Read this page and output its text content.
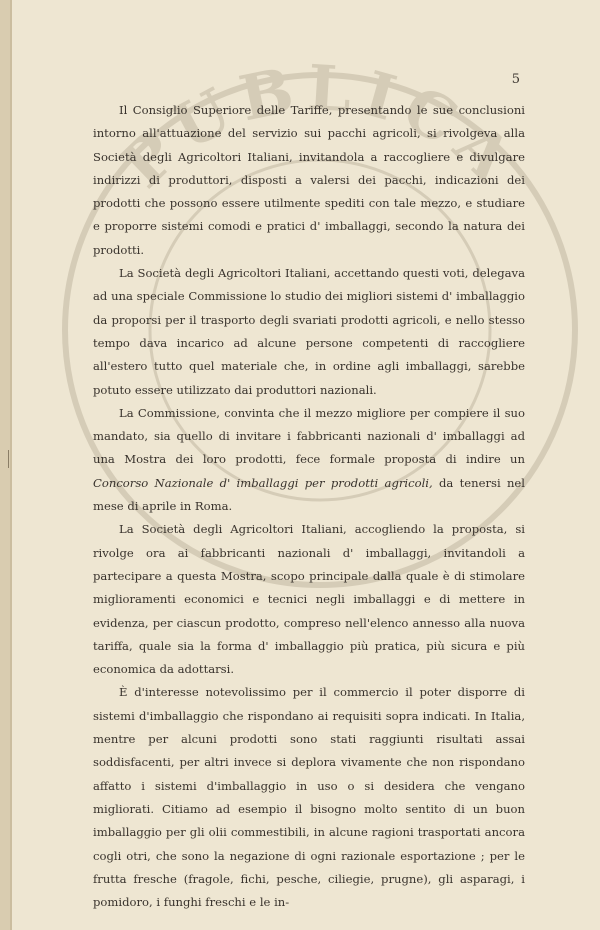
PUBLICA
5

Il Consiglio Superiore delle Tariffe, presentando le sue conclusioni intorno all'attuazione del servizio sui pacchi agricoli, si rivolgeva alla Società degli Agricoltori Italiani, invitandola a raccogliere e divulgare indirizzi di produttori, disposti a valersi dei pacchi, indicazioni dei prodotti che possono essere utilmente spediti con tale mezzo, e studiare e proporre sistemi comodi e pratici d' imballaggi, secondo la natura dei prodotti.

La Società degli Agricoltori Italiani, accettando questi voti, delegava ad una speciale Commissione lo studio dei migliori sistemi d' imballaggio da proporsi per il trasporto degli svariati prodotti agricoli, e nello stesso tempo dava incarico ad alcune persone competenti di raccogliere all'estero tutto quel materiale che, in ordine agli imballaggi, sarebbe potuto essere utilizzato dai produttori nazionali.

La Commissione, convinta che il mezzo migliore per compiere il suo mandato, sia quello di invitare i fabbricanti nazionali d' imballaggi ad una Mostra dei loro prodotti, fece formale proposta di indire un Concorso Nazionale d' imballaggi per prodotti agricoli, da tenersi nel mese di aprile in Roma.

La Società degli Agricoltori Italiani, accogliendo la proposta, si rivolge ora ai fabbricanti nazionali d' imballaggi, invitandoli a partecipare a questa Mostra, scopo principale dalla quale è di stimolare miglioramenti economici e tecnici negli imballaggi e di mettere in evidenza, per ciascun prodotto, compreso nell'elenco annesso alla nuova tariffa, quale sia la forma d' imballaggio più pratica, più sicura e più economica da adottarsi.

È d'interesse notevolissimo per il commercio il poter disporre di sistemi d'imballaggio che rispondano ai requisiti sopra indicati. In Italia, mentre per alcuni prodotti sono stati raggiunti risultati assai soddisfacenti, per altri invece si deplora vivamente che non rispondano affatto i sistemi d'imballaggio in uso o si desidera che vengano migliorati. Citiamo ad esempio il bisogno molto sentito di un buon imballaggio per gli olii commestibili, in alcune ragioni trasportati ancora cogli otri, che sono la negazione di ogni razionale esportazione ; per le frutta fresche (fragole, fichi, pesche, ciliegie, prugne), gli asparagi, i pomidoro, i funghi freschi e le in-
